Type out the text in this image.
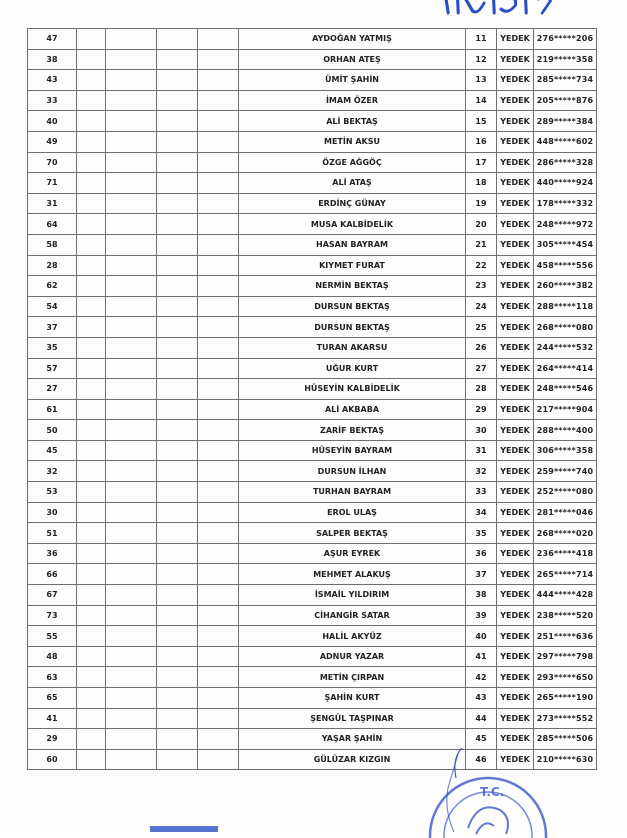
47					AYDOĞAN YATMIŞ	11	YEDEK	276*****206
38					ORHAN ATEŞ	12	YEDEK	219*****358
43					ÜMİT ŞAHİN	13	YEDEK	285*****734
33					İMAM ÖZER	14	YEDEK	205*****876
40					ALİ BEKTAŞ	15	YEDEK	289*****384
49					METİN AKSU	16	YEDEK	448*****602
70					ÖZGE AĞGÖÇ	17	YEDEK	286*****328
71					ALİ ATAŞ	18	YEDEK	440*****924
31					ERDİNÇ GÜNAY	19	YEDEK	178*****332
64					MUSA KALBİDELİK	20	YEDEK	248*****972
58					HASAN BAYRAM	21	YEDEK	305*****454
28					KIYMET FURAT	22	YEDEK	458*****556
62					NERMİN BEKTAŞ	23	YEDEK	260*****382
54					DURSUN BEKTAŞ	24	YEDEK	288*****118
37					DURSUN BEKTAŞ	25	YEDEK	268*****080
35					TURAN AKARSU	26	YEDEK	244*****532
57					UĞUR KURT	27	YEDEK	264*****414
27					HÜSEYİN KALBİDELİK	28	YEDEK	248*****546
61					ALİ AKBABA	29	YEDEK	217*****904
50					ZARİF BEKTAŞ	30	YEDEK	288*****400
45					HÜSEYİN BAYRAM	31	YEDEK	306*****358
32					DURSUN İLHAN	32	YEDEK	259*****740
53					TURHAN BAYRAM	33	YEDEK	252*****080
30					EROL ULAŞ	34	YEDEK	281*****046
51					SALPER BEKTAŞ	35	YEDEK	268*****020
36					AŞUR EYREK	36	YEDEK	236*****418
66					MEHMET ALAKUŞ	37	YEDEK	265*****714
67					İSMAİL YILDIRIM	38	YEDEK	444*****428
73					CİHANGİR SATAR	39	YEDEK	238*****520
55					HALİL AKYÜZ	40	YEDEK	251*****636
48					ADNUR YAZAR	41	YEDEK	297*****798
63					METİN ÇIRPAN	42	YEDEK	293*****650
65					ŞAHİN KURT	43	YEDEK	265*****190
41					ŞENGÜL TAŞPINAR	44	YEDEK	273*****552
29					YAŞAR ŞAHİN	45	YEDEK	285*****506
60					GÜLÜZAR KIZGIN	46	YEDEK	210*****630
T.C.
